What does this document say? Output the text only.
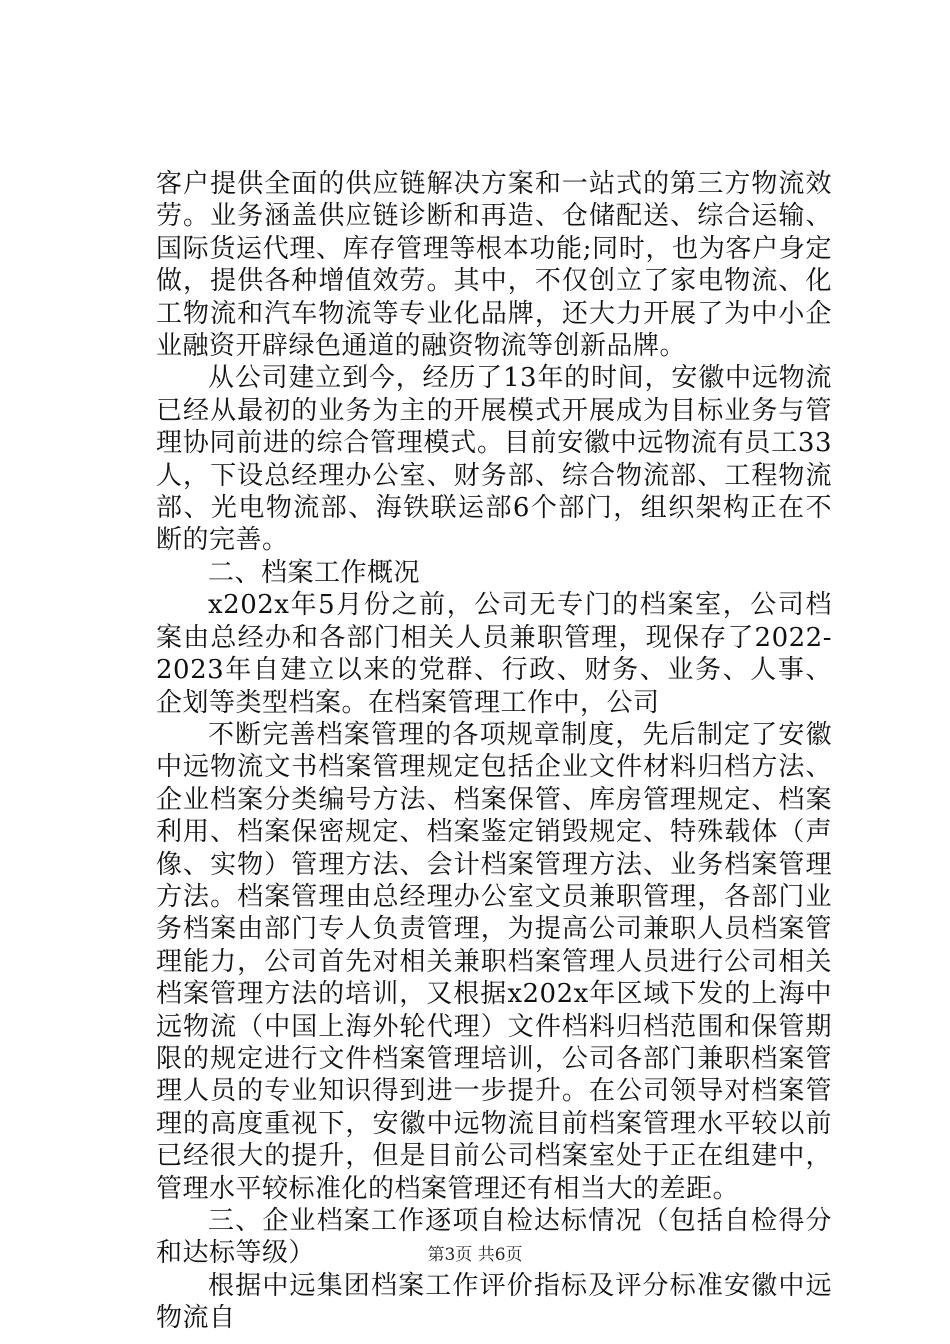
客户提供全面的供应链解决方案和一站式的第三方物流效劳。业务涵盖供应链诊断和再造、仓储配送、综合运输、国际货运代理、库存管理等根本功能;同时，也为客户身定做，提供各种增值效劳。其中，不仅创立了家电物流、化工物流和汽车物流等专业化品牌，还大力开展了为中小企业融资开辟绿色通道的融资物流等创新品牌。

从公司建立到今，经历了13年的时间，安徽中远物流已经从最初的业务为主的开展模式开展成为目标业务与管理协同前进的综合管理模式。目前安徽中远物流有员工33人，下设总经理办公室、财务部、综合物流部、工程物流部、光电物流部、海铁联运部6个部门，组织架构正在不断的完善。

二、档案工作概况

x202x年5月份之前，公司无专门的档案室，公司档案由总经办和各部门相关人员兼职管理，现保存了2022-2023年自建立以来的党群、行政、财务、业务、人事、企划等类型档案。在档案管理工作中，公司

不断完善档案管理的各项规章制度，先后制定了安徽中远物流文书档案管理规定包括企业文件材料归档方法、企业档案分类编号方法、档案保管、库房管理规定、档案利用、档案保密规定、档案鉴定销毁规定、特殊载体（声像、实物）管理方法、会计档案管理方法、业务档案管理方法。档案管理由总经理办公室文员兼职管理，各部门业务档案由部门专人负责管理，为提高公司兼职人员档案管理能力，公司首先对相关兼职档案管理人员进行公司相关档案管理方法的培训，又根据x202x年区域下发的上海中远物流（中国上海外轮代理）文件档料归档范围和保管期限的规定进行文件档案管理培训，公司各部门兼职档案管理人员的专业知识得到进一步提升。在公司领导对档案管理的高度重视下，安徽中远物流目前档案管理水平较以前已经很大的提升，但是目前公司档案室处于正在组建中，管理水平较标准化的档案管理还有相当大的差距。

三、企业档案工作逐项自检达标情况（包括自检得分和达标等级）

根据中远集团档案工作评价指标及评分标准安徽中远物流自

第3页 共6页
